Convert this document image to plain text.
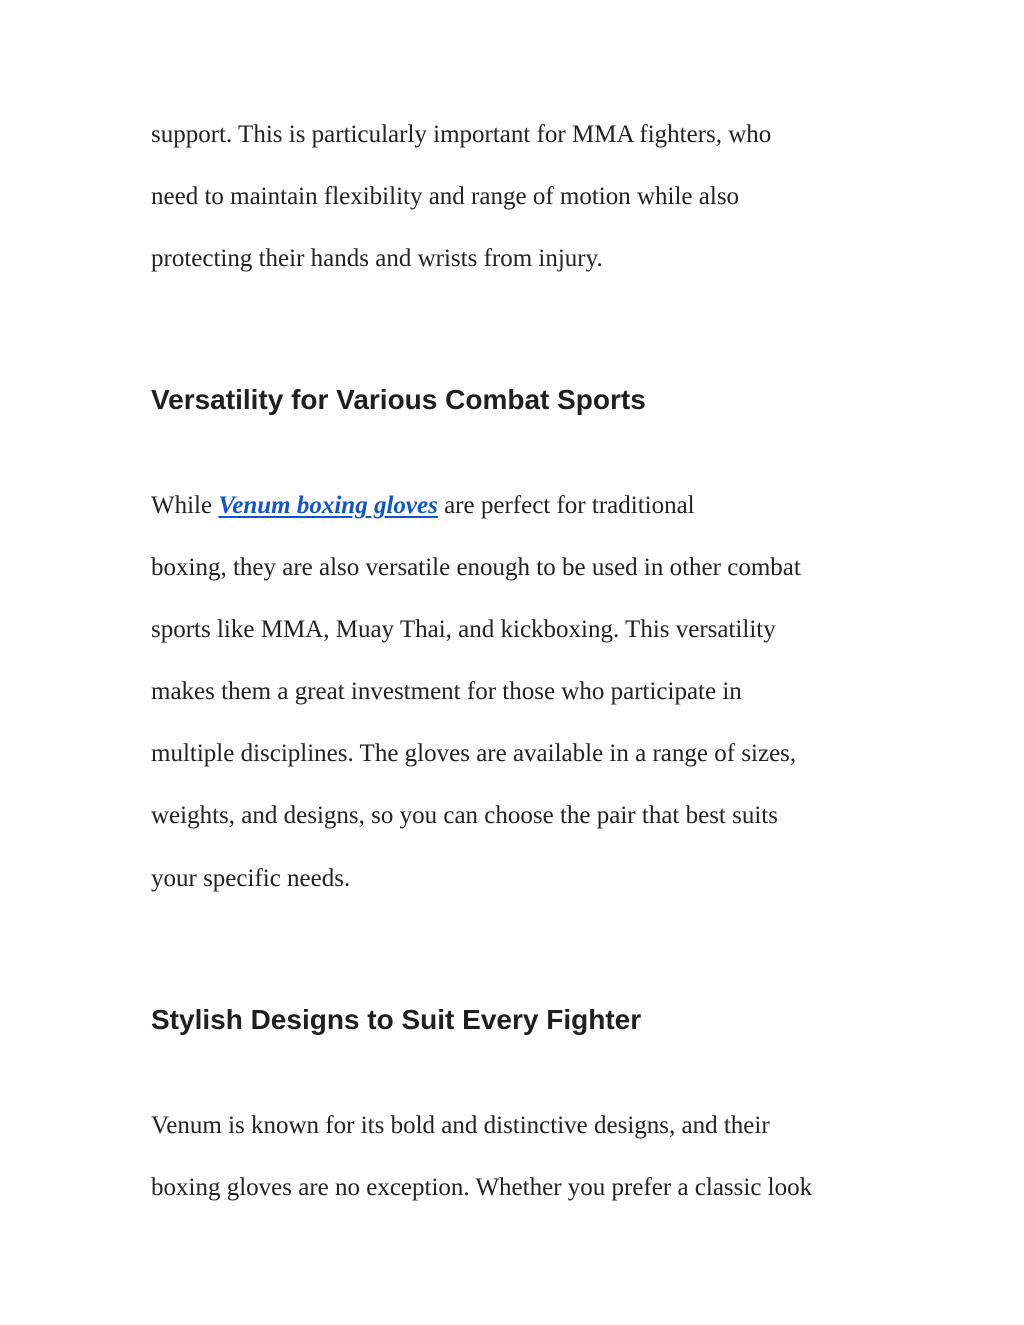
support. This is particularly important for MMA fighters, who

need to maintain flexibility and range of motion while also

protecting their hands and wrists from injury.

Versatility for Various Combat Sports

While Venum boxing gloves are perfect for traditional

boxing, they are also versatile enough to be used in other combat

sports like MMA, Muay Thai, and kickboxing. This versatility

makes them a great investment for those who participate in

multiple disciplines. The gloves are available in a range of sizes,

weights, and designs, so you can choose the pair that best suits

your specific needs.

Stylish Designs to Suit Every Fighter

Venum is known for its bold and distinctive designs, and their

boxing gloves are no exception. Whether you prefer a classic look
